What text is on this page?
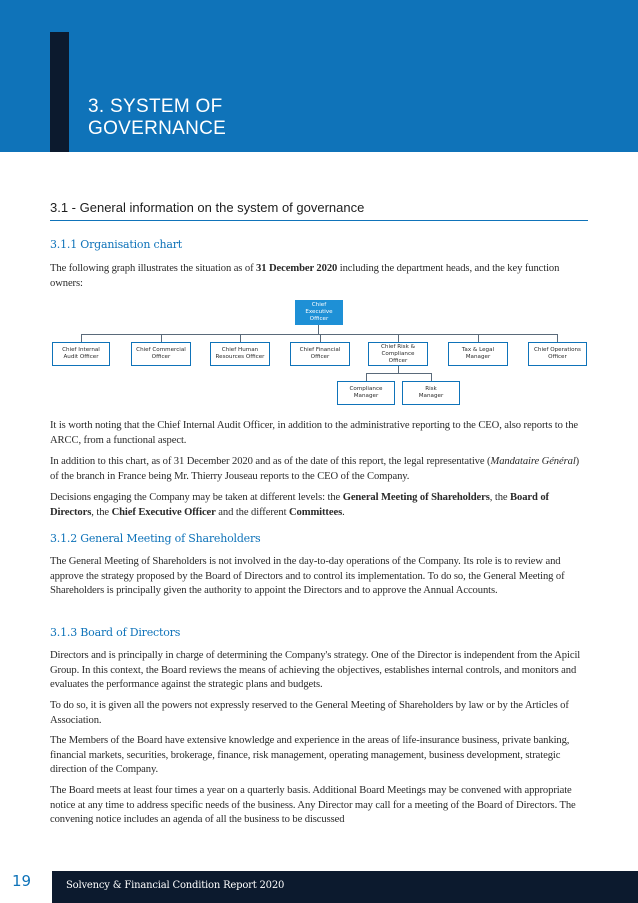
3. SYSTEM OF
GOVERNANCE
3.1 - General information on the system of governance
3.1.1 Organisation chart
The following graph illustrates the situation as of 31 December 2020 including the department heads, and the key function owners:
Chief Executive
Officer
Chief Internal
Audit Officer
Chief Commercial
Officer
Chief Human
Resources Officer
Chief Financial
Officer
Chief Risk &
Compliance Officer
Tax & Legal Manager
Chief Operations
Officer
Compliance
Manager
Risk
Manager
It is worth noting that the Chief Internal Audit Officer, in addition to the administrative reporting to the CEO, also reports to the ARCC, from a functional aspect.
In addition to this chart, as of 31 December 2020 and as of the date of this report, the legal representative (Mandataire Général) of the branch in France being Mr. Thierry Jouseau reports to the CEO of the Company.
Decisions engaging the Company may be taken at different levels: the General Meeting of Shareholders, the Board of Directors, the Chief Executive Officer and the different Committees.
3.1.2 General Meeting of Shareholders
The General Meeting of Shareholders is not involved in the day-to-day operations of the Company. Its role is to review and approve the strategy proposed by the Board of Directors and to control its implementation. To do so, the General Meeting of Shareholders is principally given the authority to appoint the Directors and to approve the Annual Accounts.
3.1.3 Board of Directors
Directors and is principally in charge of determining the Company's strategy. One of the Director is independent from the Apicil Group. In this context, the Board reviews the means of achieving the objectives, establishes internal controls, and monitors and evaluates the performance against the strategic plans and budgets.
To do so, it is given all the powers not expressly reserved to the General Meeting of Shareholders by law or by the Articles of Association.
The Members of the Board have extensive knowledge and experience in the areas of life-insurance business, private banking, financial markets, securities, brokerage, finance, risk management, operating management, business development, strategic direction of the Company.
The Board meets at least four times a year on a quarterly basis. Additional Board Meetings may be convened with appropriate notice at any time to address specific needs of the business. Any Director may call for a meeting of the Board of Directors. The convening notice includes an agenda of all the business to be discussed
19	Solvency & Financial Condition Report 2020
